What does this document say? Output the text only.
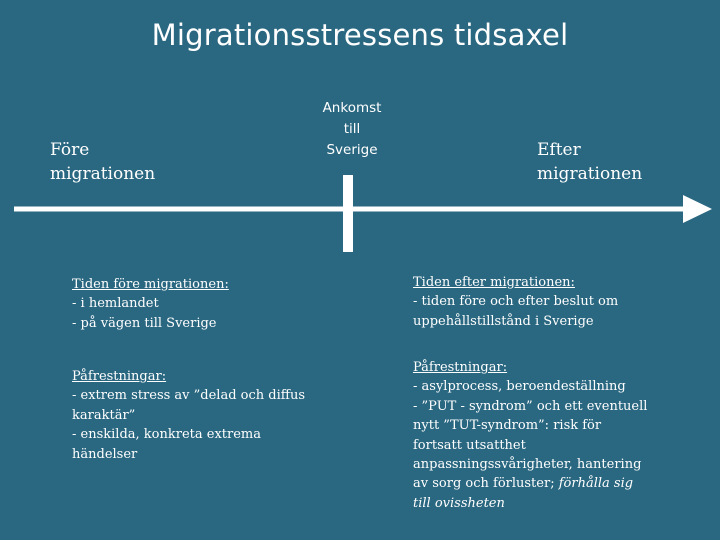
Migrationsstressens tidsaxel
Före
migrationen
Ankomst
till
Sverige	Efter
migrationen
Tiden före migrationen:
- i hemlandet
- på vägen till Sverige
Påfrestningar:
- extrem stress av ”delad och diffus
karaktär”
- enskilda, konkreta extrema
händelser
Tiden efter migrationen:
- tiden före och efter beslut om
uppehållstillstånd i Sverige
Påfrestningar:
- asylprocess, beroendeställning
- ”PUT - syndrom” och ett eventuell
nytt ”TUT-syndrom”: risk för
fortsatt utsatthet
anpassningssvårigheter, hantering
av sorg och förluster; förhålla sig
till ovissheten
